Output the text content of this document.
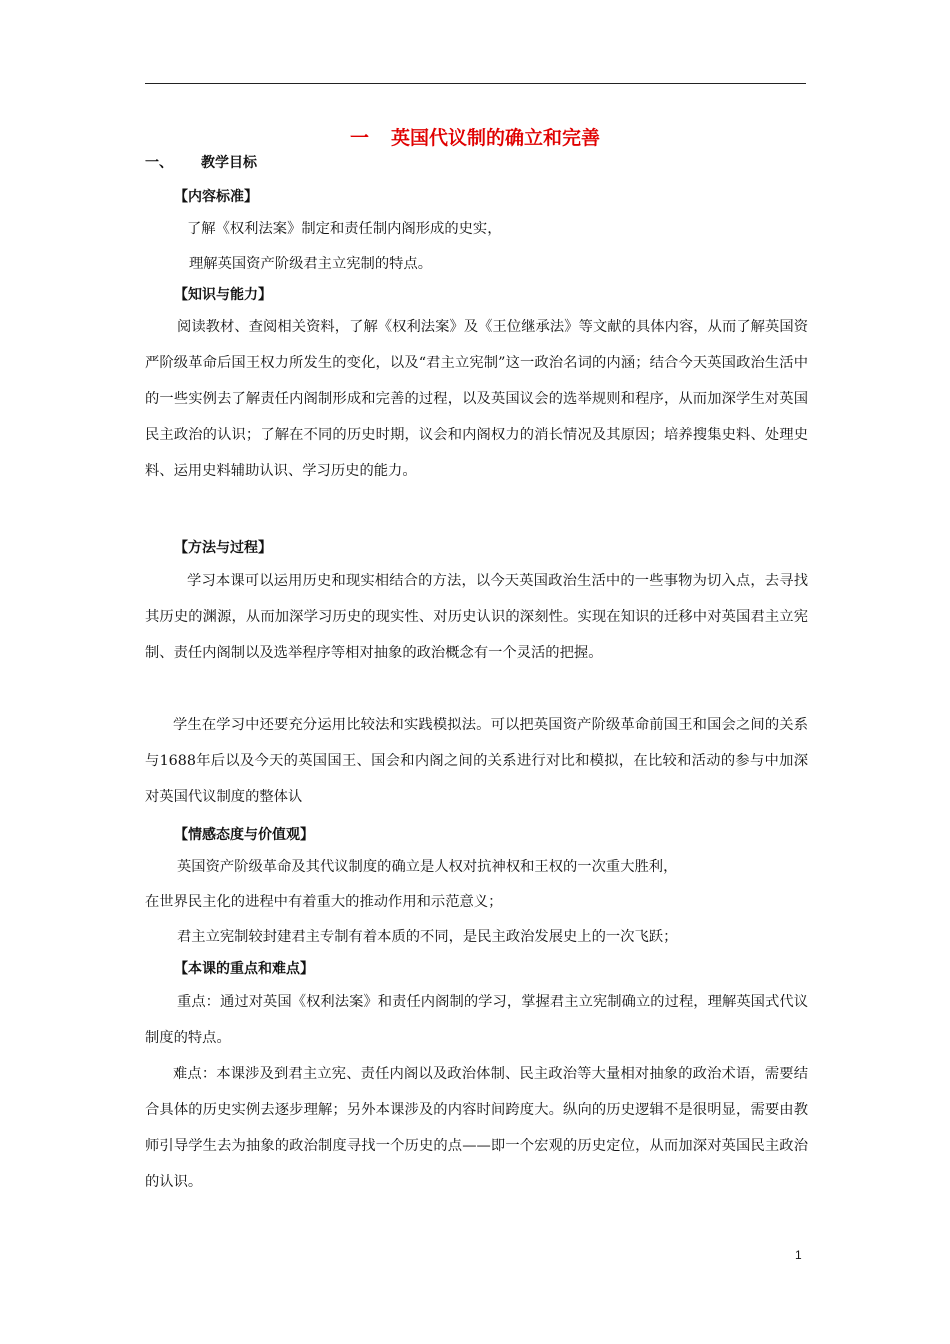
一 英国代议制的确立和完善
一、 教学目标
【内容标准】
了解《权利法案》制定和责任制内阁形成的史实，
理解英国资产阶级君主立宪制的特点。
【知识与能力】
阅读教材、查阅相关资料，了解《权利法案》及《王位继承法》等文献的具体内容，从而了解英国资严阶级革命后国王权力所发生的变化，以及“君主立宪制”这一政治名词的内涵；结合今天英国政治生活中的一些实例去了解责任内阁制形成和完善的过程，以及英国议会的选举规则和程序，从而加深学生对英国民主政治的认识；了解在不同的历史时期，议会和内阁权力的消长情况及其原因；培养搜集史料、处理史料、运用史料辅助认识、学习历史的能力。
【方法与过程】
学习本课可以运用历史和现实相结合的方法，以今天英国政治生活中的一些事物为切入点，去寻找其历史的渊源，从而加深学习历史的现实性、对历史认识的深刻性。实现在知识的迁移中对英国君主立宪制、责任内阁制以及选举程序等相对抽象的政治概念有一个灵活的把握。
学生在学习中还要充分运用比较法和实践模拟法。可以把英国资产阶级革命前国王和国会之间的关系与1688年后以及今天的英国国王、国会和内阁之间的关系进行对比和模拟，在比较和活动的参与中加深对英国代议制度的整体认
【情感态度与价值观】
英国资产阶级革命及其代议制度的确立是人权对抗神权和王权的一次重大胜利，
在世界民主化的进程中有着重大的推动作用和示范意义；
君主立宪制较封建君主专制有着本质的不同，是民主政治发展史上的一次飞跃；
【本课的重点和难点】
重点：通过对英国《权利法案》和责任内阁制的学习，掌握君主立宪制确立的过程，理解英国式代议制度的特点。
难点：本课涉及到君主立宪、责任内阁以及政治体制、民主政治等大量相对抽象的政治术语，需要结合具体的历史实例去逐步理解；另外本课涉及的内容时间跨度大。纵向的历史逻辑不是很明显，需要由教师引导学生去为抽象的政治制度寻找一个历史的点——即一个宏观的历史定位，从而加深对英国民主政治的认识。
1
